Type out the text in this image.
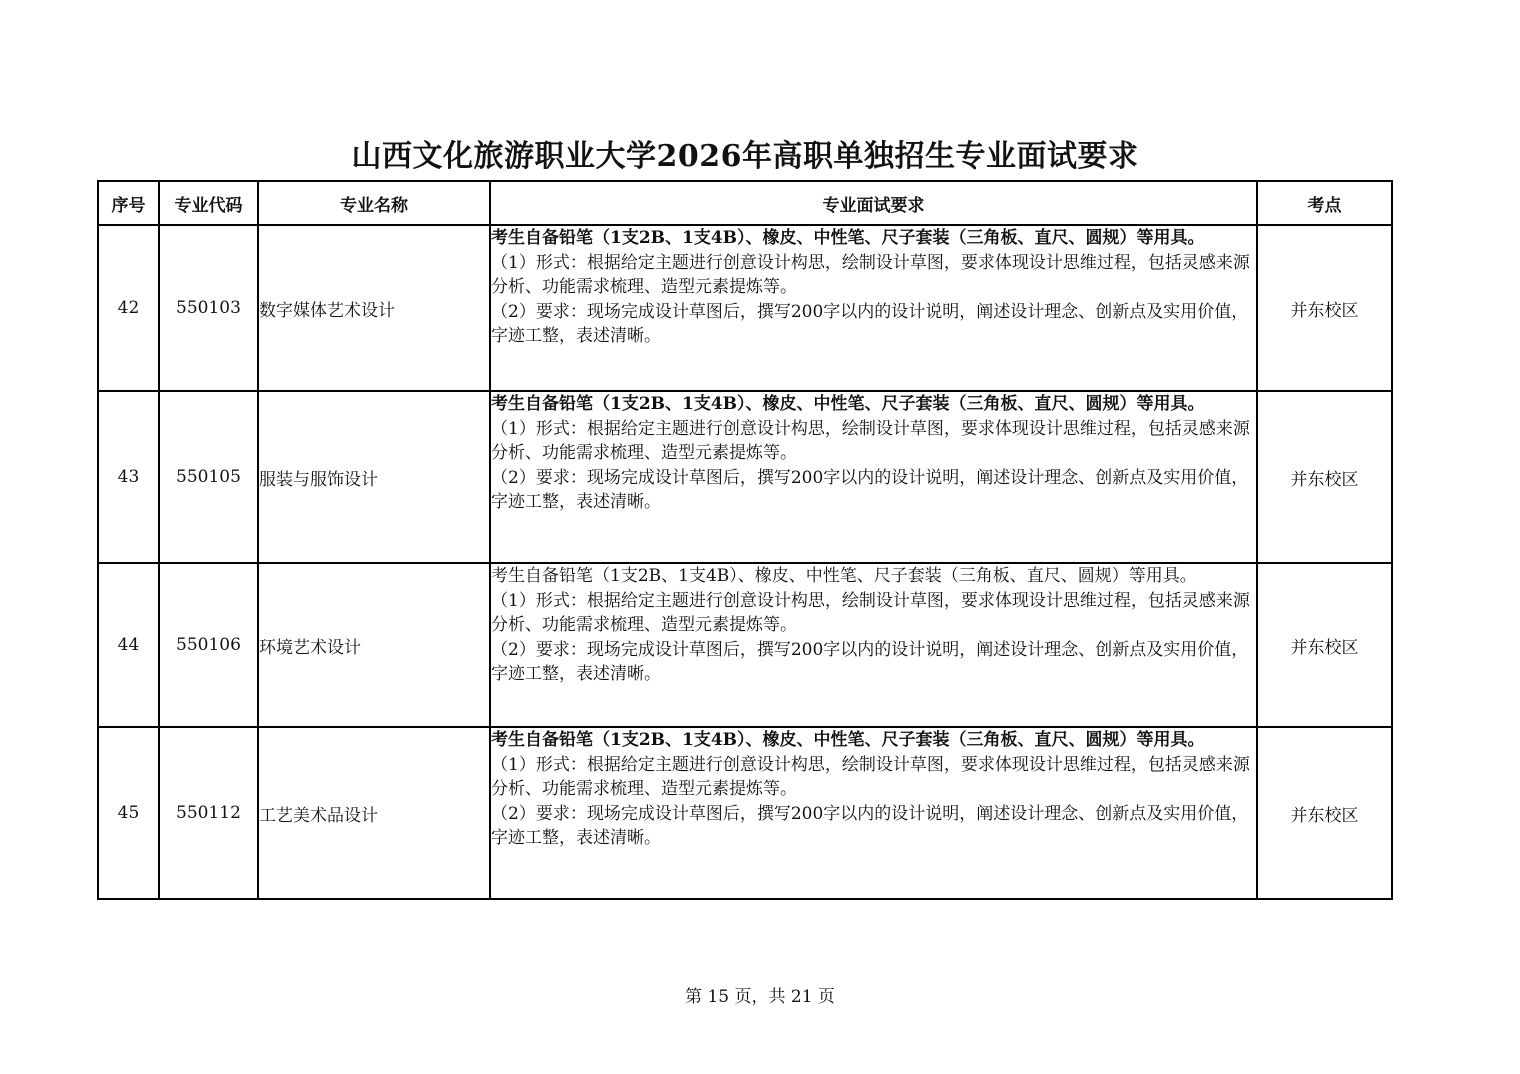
山西文化旅游职业大学2026年高职单独招生专业面试要求
序号	专业代码	专业名称	专业面试要求	考点
42	550103	数字媒体艺术设计	考生自备铅笔（1支2B、1支4B）、橡皮、中性笔、尺子套装（三角板、直尺、圆规）等用具。

（1）形式：根据给定主题进行创意设计构思，绘制设计草图，要求体现设计思维过程，包括灵感来源分析、功能需求梳理、造型元素提炼等。

（2）要求：现场完成设计草图后，撰写200字以内的设计说明，阐述设计理念、创新点及实用价值，字迹工整，表述清晰。	并东校区
43	550105	服装与服饰设计	考生自备铅笔（1支2B、1支4B）、橡皮、中性笔、尺子套装（三角板、直尺、圆规）等用具。

（1）形式：根据给定主题进行创意设计构思，绘制设计草图，要求体现设计思维过程，包括灵感来源分析、功能需求梳理、造型元素提炼等。

（2）要求：现场完成设计草图后，撰写200字以内的设计说明，阐述设计理念、创新点及实用价值，字迹工整，表述清晰。	并东校区
44	550106	环境艺术设计	考生自备铅笔（1支2B、1支4B）、橡皮、中性笔、尺子套装（三角板、直尺、圆规）等用具。

（1）形式：根据给定主题进行创意设计构思，绘制设计草图，要求体现设计思维过程，包括灵感来源分析、功能需求梳理、造型元素提炼等。

（2）要求：现场完成设计草图后，撰写200字以内的设计说明，阐述设计理念、创新点及实用价值，字迹工整，表述清晰。	并东校区
45	550112	工艺美术品设计	考生自备铅笔（1支2B、1支4B）、橡皮、中性笔、尺子套装（三角板、直尺、圆规）等用具。

（1）形式：根据给定主题进行创意设计构思，绘制设计草图，要求体现设计思维过程，包括灵感来源分析、功能需求梳理、造型元素提炼等。

（2）要求：现场完成设计草图后，撰写200字以内的设计说明，阐述设计理念、创新点及实用价值，字迹工整，表述清晰。	并东校区
第 15 页，共 21 页
